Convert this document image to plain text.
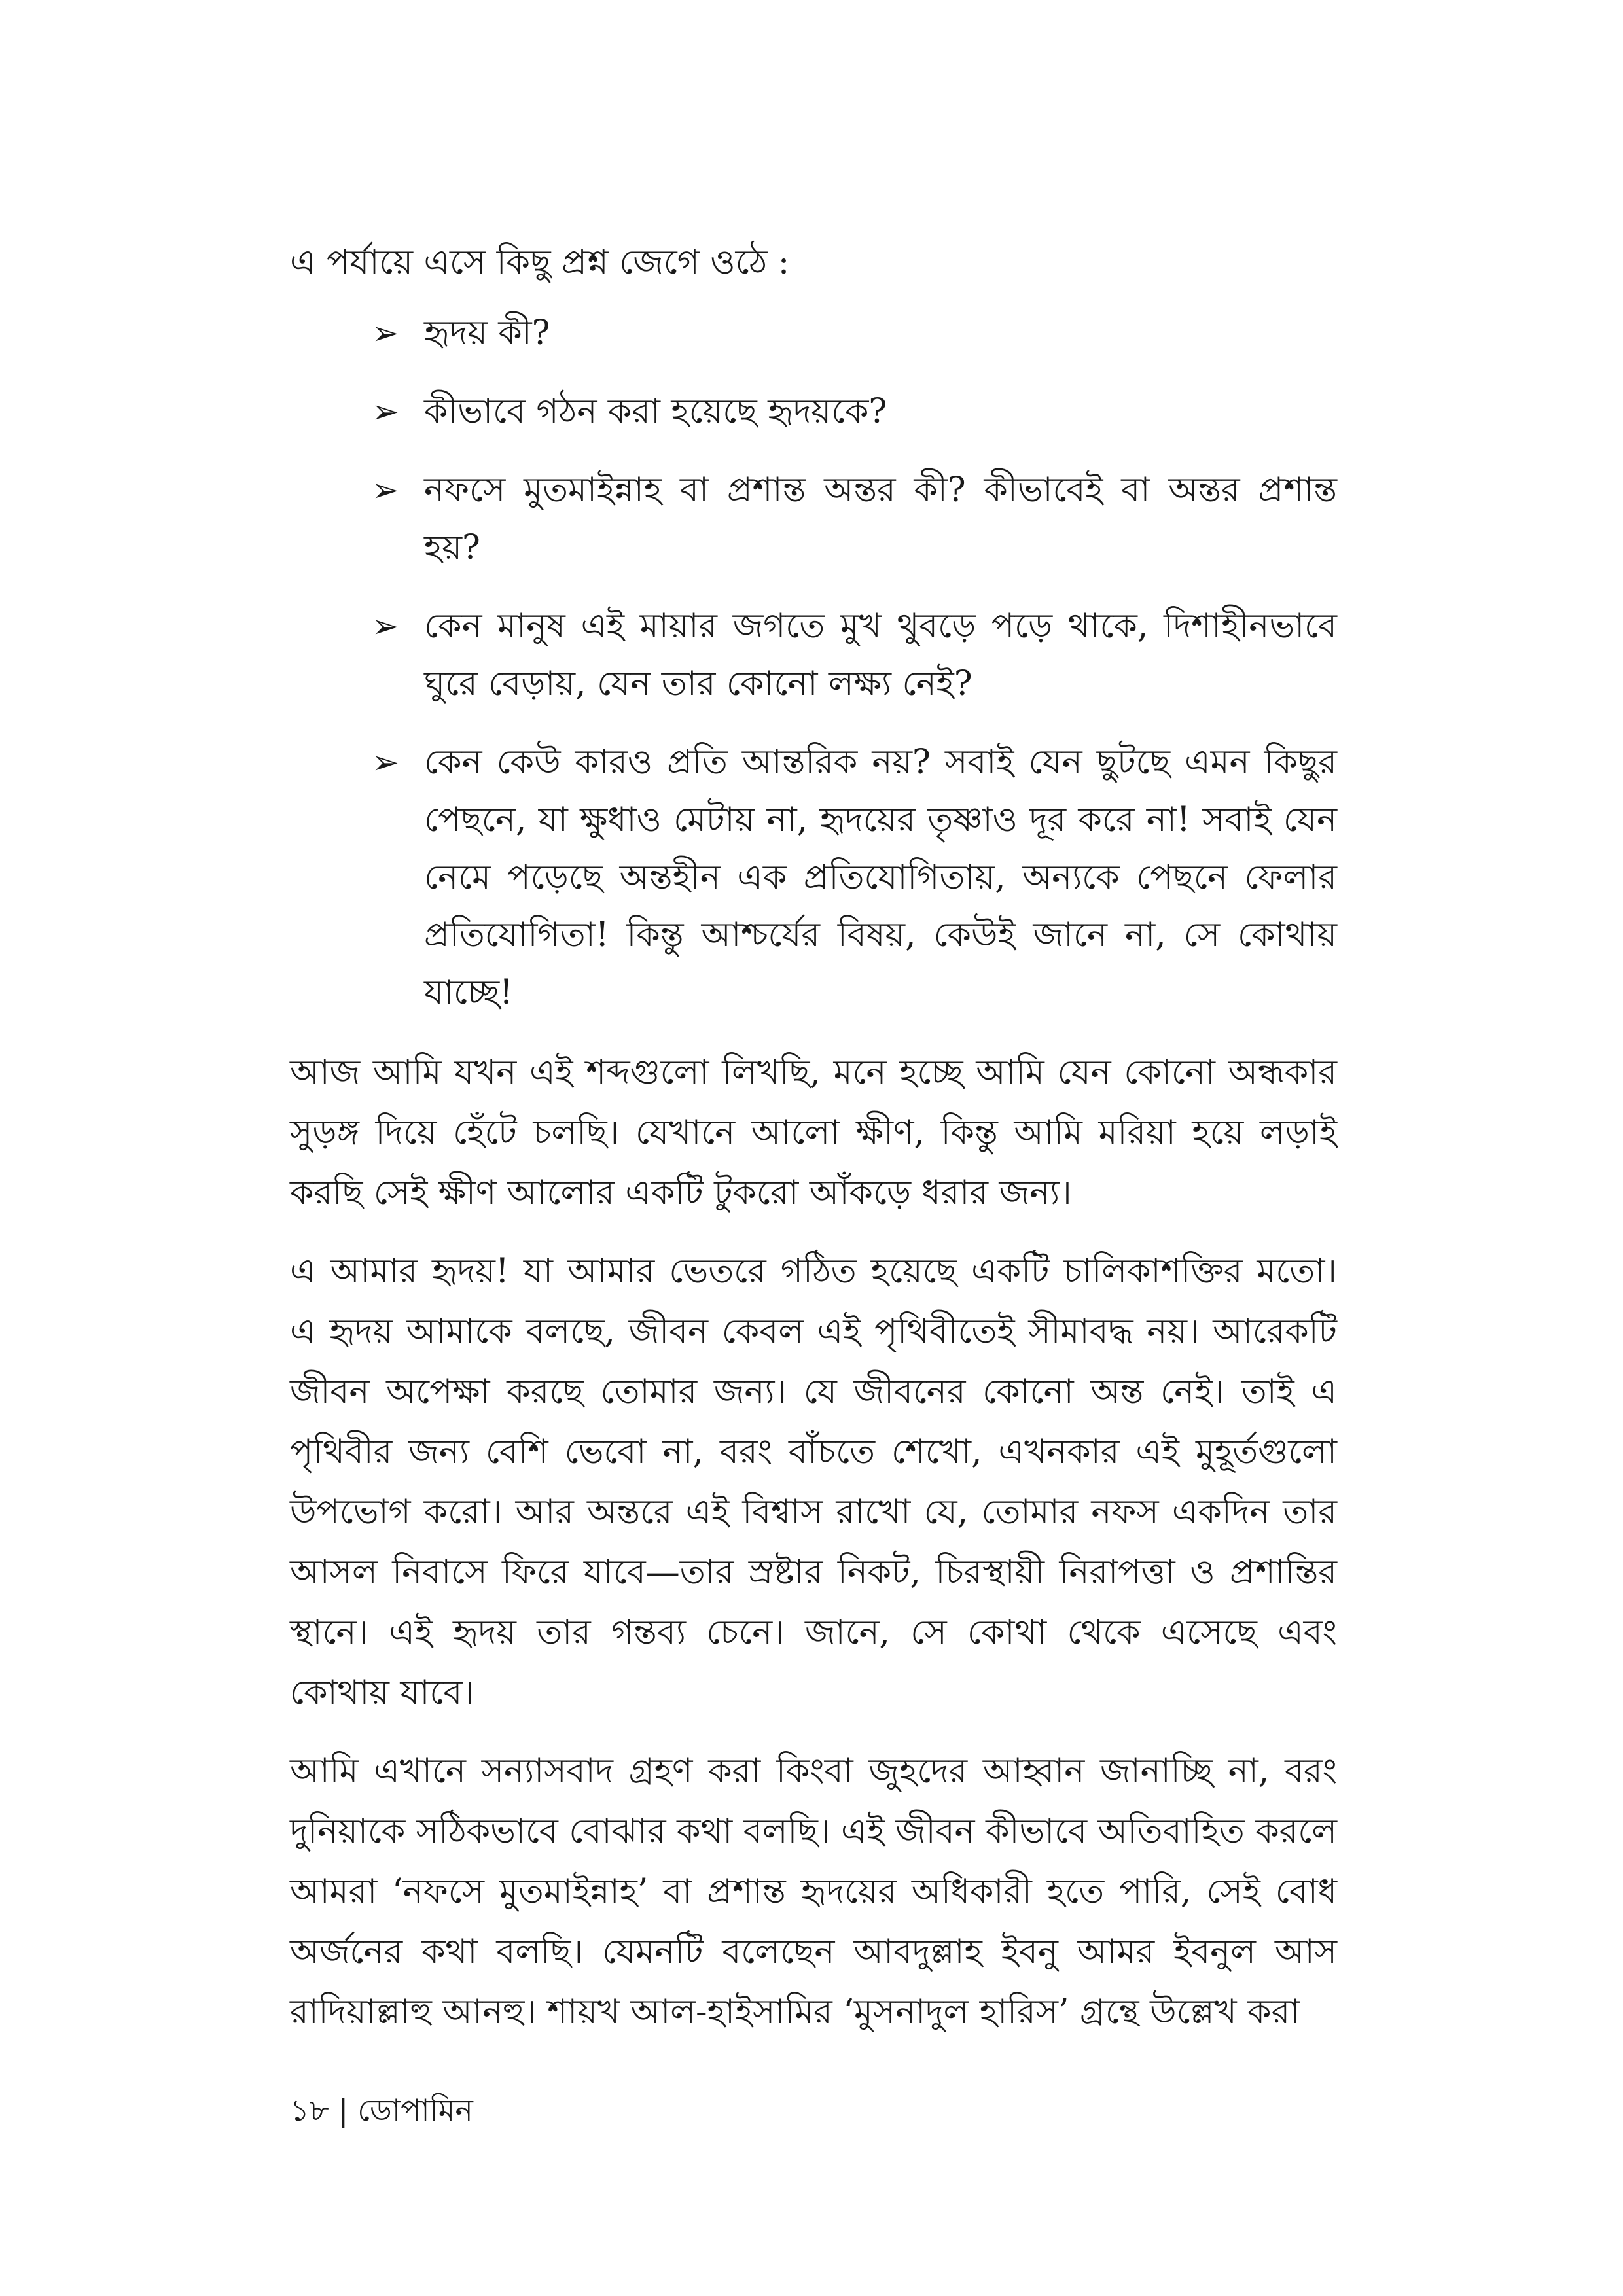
এ পর্যায়ে এসে কিছু প্রশ্ন জেগে ওঠে :

➢ হৃদয় কী?
➢ কীভাবে গঠন করা হয়েছে হৃদয়কে?
➢ নফসে মুতমাইন্নাহ বা প্রশান্ত অন্তর কী? কীভাবেই বা অন্তর প্রশান্ত হয়?
➢ কেন মানুষ এই মায়ার জগতে মুখ থুবড়ে পড়ে থাকে, দিশাহীনভাবে ঘুরে বেড়ায়, যেন তার কোনো লক্ষ্য নেই?
➢ কেন কেউ কারও প্রতি আন্তরিক নয়? সবাই যেন ছুটছে এমন কিছুর পেছনে, যা ক্ষুধাও মেটায় না, হৃদয়ের তৃষ্ণাও দূর করে না! সবাই যেন নেমে পড়েছে অন্তহীন এক প্রতিযোগিতায়, অন্যকে পেছনে ফেলার প্রতিযোগিতা! কিন্তু আশ্চর্যের বিষয়, কেউই জানে না, সে কোথায় যাচ্ছে!

আজ আমি যখন এই শব্দগুলো লিখছি, মনে হচ্ছে আমি যেন কোনো অন্ধকার সুড়ঙ্গ দিয়ে হেঁটে চলছি। যেখানে আলো ক্ষীণ, কিন্তু আমি মরিয়া হয়ে লড়াই করছি সেই ক্ষীণ আলোর একটি টুকরো আঁকড়ে ধরার জন্য।

এ আমার হৃদয়! যা আমার ভেতরে গঠিত হয়েছে একটি চালিকাশক্তির মতো। এ হৃদয় আমাকে বলছে, জীবন কেবল এই পৃথিবীতেই সীমাবদ্ধ নয়। আরেকটি জীবন অপেক্ষা করছে তোমার জন্য। যে জীবনের কোনো অন্ত নেই। তাই এ পৃথিবীর জন্য বেশি ভেবো না, বরং বাঁচতে শেখো, এখনকার এই মুহূর্তগুলো উপভোগ করো। আর অন্তরে এই বিশ্বাস রাখো যে, তোমার নফস একদিন তার আসল নিবাসে ফিরে যাবে—তার স্রষ্টার নিকট, চিরস্থায়ী নিরাপত্তা ও প্রশান্তির স্থানে। এই হৃদয় তার গন্তব্য চেনে। জানে, সে কোথা থেকে এসেছে এবং কোথায় যাবে।

আমি এখানে সন্যাসবাদ গ্রহণ করা কিংবা জুহদের আহ্বান জানাচ্ছি না, বরং দুনিয়াকে সঠিকভাবে বোঝার কথা বলছি। এই জীবন কীভাবে অতিবাহিত করলে আমরা ‘নফসে মুতমাইন্নাহ’ বা প্রশান্ত হৃদয়ের অধিকারী হতে পারি, সেই বোধ অর্জনের কথা বলছি। যেমনটি বলেছেন আবদুল্লাহ ইবনু আমর ইবনুল আস রাদিয়াল্লাহু আনহু। শায়খ আল-হাইসামির ‘মুসনাদুল হারিস’ গ্রন্থে উল্লেখ করা

১৮ | ডোপামিন
